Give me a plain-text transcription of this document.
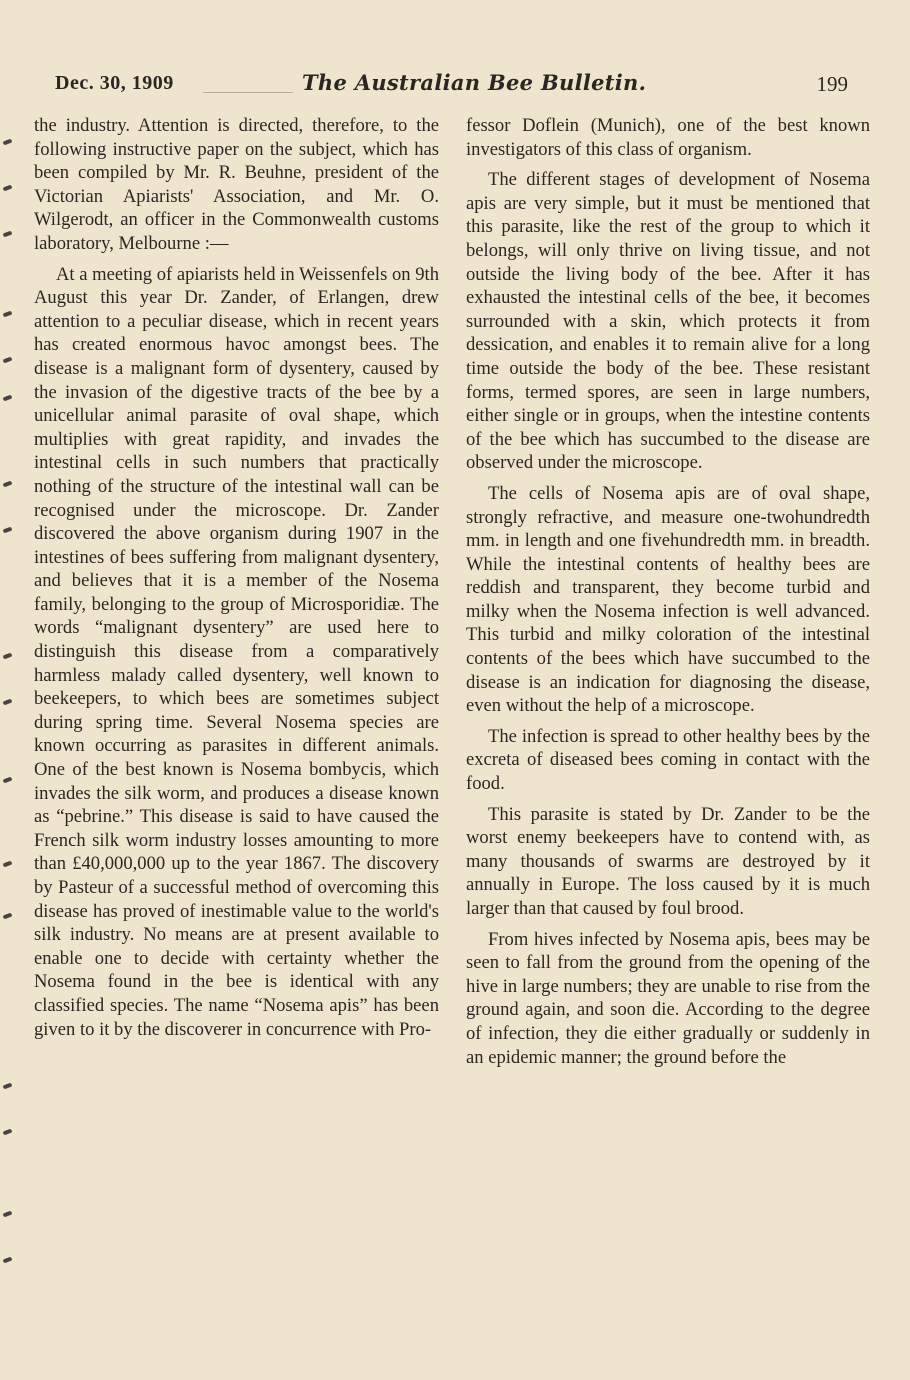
Dec. 30, 1909	The Australian Bee Bulletin.	199

the industry. Attention is directed, therefore, to the following instructive paper on the subject, which has been compiled by Mr. R. Beuhne, president of the Victorian Apiarists' Association, and Mr. O. Wilgerodt, an officer in the Commonwealth customs laboratory, Melbourne :—

At a meeting of apiarists held in Weissenfels on 9th August this year Dr. Zander, of Erlangen, drew attention to a peculiar disease, which in recent years has created enormous havoc amongst bees. The disease is a malignant form of dysentery, caused by the invasion of the digestive tracts of the bee by a unicellular animal parasite of oval shape, which multiplies with great rapidity, and invades the intestinal cells in such numbers that practically nothing of the structure of the intestinal wall can be recognised under the microscope. Dr. Zander discovered the above organism during 1907 in the intestines of bees suffering from malignant dysentery, and believes that it is a member of the Nosema family, belonging to the group of Microsporidiæ. The words “malignant dysentery” are used here to distinguish this disease from a comparatively harmless malady called dysentery, well known to beekeepers, to which bees are sometimes subject during spring time. Several Nosema species are known occurring as parasites in different animals. One of the best known is Nosema bombycis, which invades the silk worm, and produces a disease known as “pebrine.” This disease is said to have caused the French silk worm industry losses amounting to more than £40,000,000 up to the year 1867. The discovery by Pasteur of a successful method of overcoming this disease has proved of inestimable value to the world's silk industry. No means are at present available to enable one to decide with certainty whether the Nosema found in the bee is identical with any classified species. The name “Nosema apis” has been given to it by the discoverer in concurrence with Pro-

fessor Doflein (Munich), one of the best known investigators of this class of organism.

The different stages of development of Nosema apis are very simple, but it must be mentioned that this parasite, like the rest of the group to which it belongs, will only thrive on living tissue, and not outside the living body of the bee. After it has exhausted the intestinal cells of the bee, it becomes surrounded with a skin, which protects it from dessication, and enables it to remain alive for a long time outside the body of the bee. These resistant forms, termed spores, are seen in large numbers, either single or in groups, when the intestine contents of the bee which has succumbed to the disease are observed under the microscope.

The cells of Nosema apis are of oval shape, strongly refractive, and measure one-twohundredth mm. in length and one fivehundredth mm. in breadth. While the intestinal contents of healthy bees are reddish and transparent, they become turbid and milky when the Nosema infection is well advanced. This turbid and milky coloration of the intestinal contents of the bees which have succumbed to the disease is an indication for diagnosing the disease, even without the help of a microscope.

The infection is spread to other healthy bees by the excreta of diseased bees coming in contact with the food.

This parasite is stated by Dr. Zander to be the worst enemy beekeepers have to contend with, as many thousands of swarms are destroyed by it annually in Europe. The loss caused by it is much larger than that caused by foul brood.

From hives infected by Nosema apis, bees may be seen to fall from the ground from the opening of the hive in large numbers; they are unable to rise from the ground again, and soon die. According to the degree of infection, they die either gradually or suddenly in an epidemic manner; the ground before the
